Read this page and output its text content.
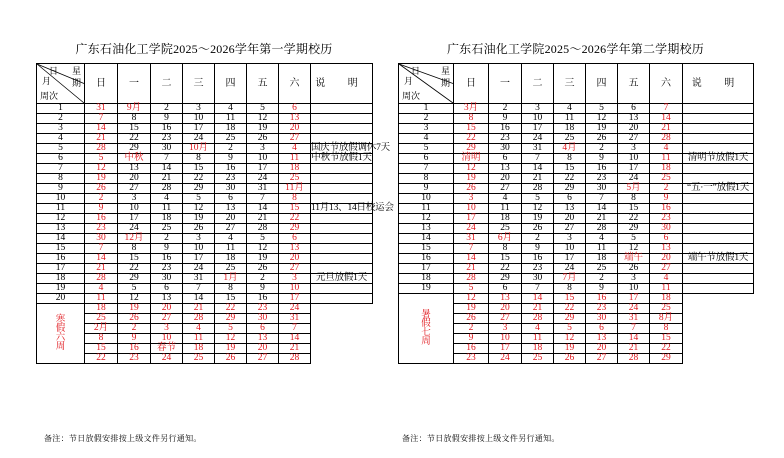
广东石油化工学院2025～2026学年第一学期校历
日 星
期
月
周次	日	一	二	三	四	五	六	说 明
1	31	9月	2	3	4	5	6	
2	7	8	9	10	11	12	13	
3	14	15	16	17	18	19	20	
4	21	22	23	24	25	26	27	
5	28	29	30	10月	2	3	4	国庆节放假调休7天
6	5	中秋	7	8	9	10	11	中秋节放假1天
7	12	13	14	15	16	17	18	
8	19	20	21	22	23	24	25	
9	26	27	28	29	30	31	11月	
10	2	3	4	5	6	7	8	
11	9	10	11	12	13	14	15	11月13、14日校运会
12	16	17	18	19	20	21	22	
13	23	24	25	26	27	28	29	
14	30	12月	2	3	4	5	6	
15	7	8	9	10	11	12	13	
16	14	15	16	17	18	19	20	
17	21	22	23	24	25	26	27	
18	28	29	30	31	1月	2	3	元旦放假1天
19	4	5	6	7	8	9	10	
20	11	12	13	14	15	16	17	

寒
假
六
周	18	19	20	21	22	23	24	
	25	26	27	28	29	30	31	
	2月	2	3	4	5	6	7	
	8	9	10	11	12	13	14	
	15	16	春节	18	19	20	21	
	22	23	24	25	26	27	28	
备注：节日放假安排按上级文件另行通知。
广东石油化工学院2025～2026学年第二学期校历
日 星
期
月
周次	日	一	二	三	四	五	六	说 明
1	3月	2	3	4	5	6	7	
2	8	9	10	11	12	13	14	
3	15	16	17	18	19	20	21	
4	22	23	24	25	26	27	28	
5	29	30	31	4月	2	3	4	
6	清明	6	7	8	9	10	11	清明节放假1天
7	12	13	14	15	16	17	18	
8	19	20	21	22	23	24	25	
9	26	27	28	29	30	5月	2	“五·一”放假1天
10	3	4	5	6	7	8	9	
11	10	11	12	13	14	15	16	
12	17	18	19	20	21	22	23	
13	24	25	26	27	28	29	30	
14	31	6月	2	3	4	5	6	
15	7	8	9	10	11	12	13	
16	14	15	16	17	18	端午	20	端午节放假1天
17	21	22	23	24	25	26	27	
18	28	29	30	7月	2	3	4	
19	5	6	7	8	9	10	11	

暑
假
七
周	12	13	14	15	16	17	18	
	19	20	21	22	23	24	25	
	26	27	28	29	30	31	8月	
	2	3	4	5	6	7	8	
	9	10	11	12	13	14	15	
	16	17	18	19	20	21	22	
	23	24	25	26	27	28	29	
备注：节日放假安排按上级文件另行通知。
